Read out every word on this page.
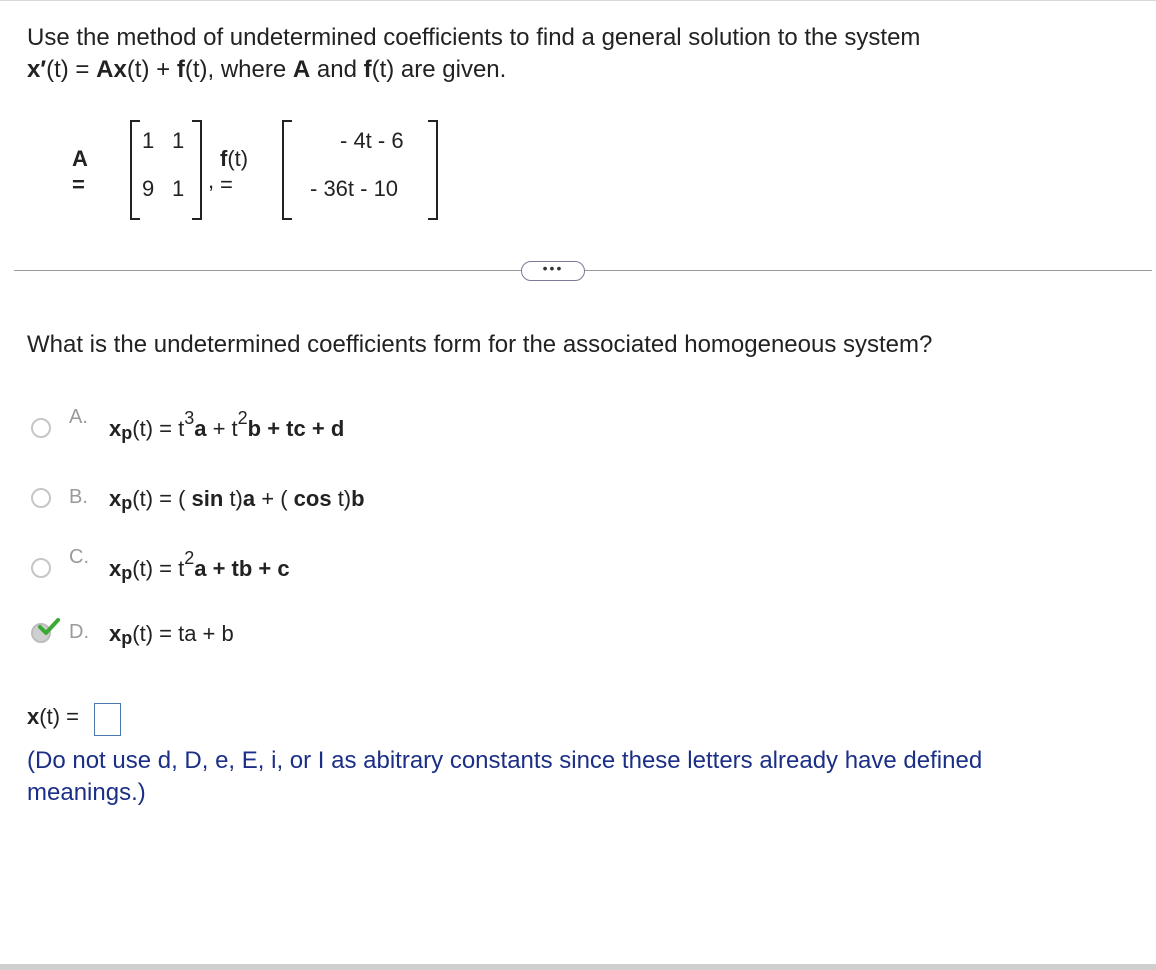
Use the method of undetermined coefficients to find a general solution to the system
x′(t) = Ax(t) + f(t), where A and f(t) are given.
A =
1 1
9 1 ,
f(t) =
- 4t - 6
- 36t - 10
•••
What is the undetermined coefficients form for the associated homogeneous system?
A. $x_p(t) = t^3a + t^2b$ + tc + d
B. $x_p(t)$ = ( sin t)a + ( cos t)b
C. $x_p(t) = t^2a$ + tb + c
D. $x_p(t)$ = ta + b
x(t) =
(Do not use d, D, e, E, i, or I as abitrary constants since these letters already have defined meanings.)
